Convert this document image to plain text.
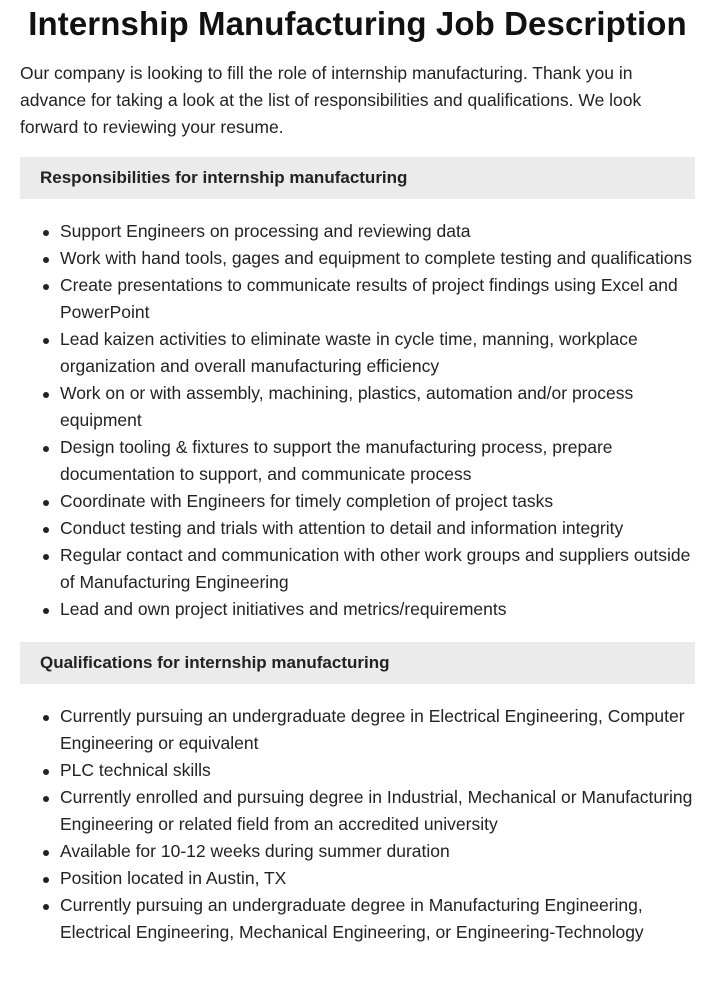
Internship Manufacturing Job Description

Our company is looking to fill the role of internship manufacturing. Thank you in advance for taking a look at the list of responsibilities and qualifications. We look forward to reviewing your resume.

Responsibilities for internship manufacturing
Support Engineers on processing and reviewing data
Work with hand tools, gages and equipment to complete testing and qualifications
Create presentations to communicate results of project findings using Excel and PowerPoint
Lead kaizen activities to eliminate waste in cycle time, manning, workplace organization and overall manufacturing efficiency
Work on or with assembly, machining, plastics, automation and/or process equipment
Design tooling & fixtures to support the manufacturing process, prepare documentation to support, and communicate process
Coordinate with Engineers for timely completion of project tasks
Conduct testing and trials with attention to detail and information integrity
Regular contact and communication with other work groups and suppliers outside of Manufacturing Engineering
Lead and own project initiatives and metrics/requirements
Qualifications for internship manufacturing
Currently pursuing an undergraduate degree in Electrical Engineering, Computer Engineering or equivalent
PLC technical skills
Currently enrolled and pursuing degree in Industrial, Mechanical or Manufacturing Engineering or related field from an accredited university
Available for 10-12 weeks during summer duration
Position located in Austin, TX
Currently pursuing an undergraduate degree in Manufacturing Engineering, Electrical Engineering, Mechanical Engineering, or Engineering-Technology
